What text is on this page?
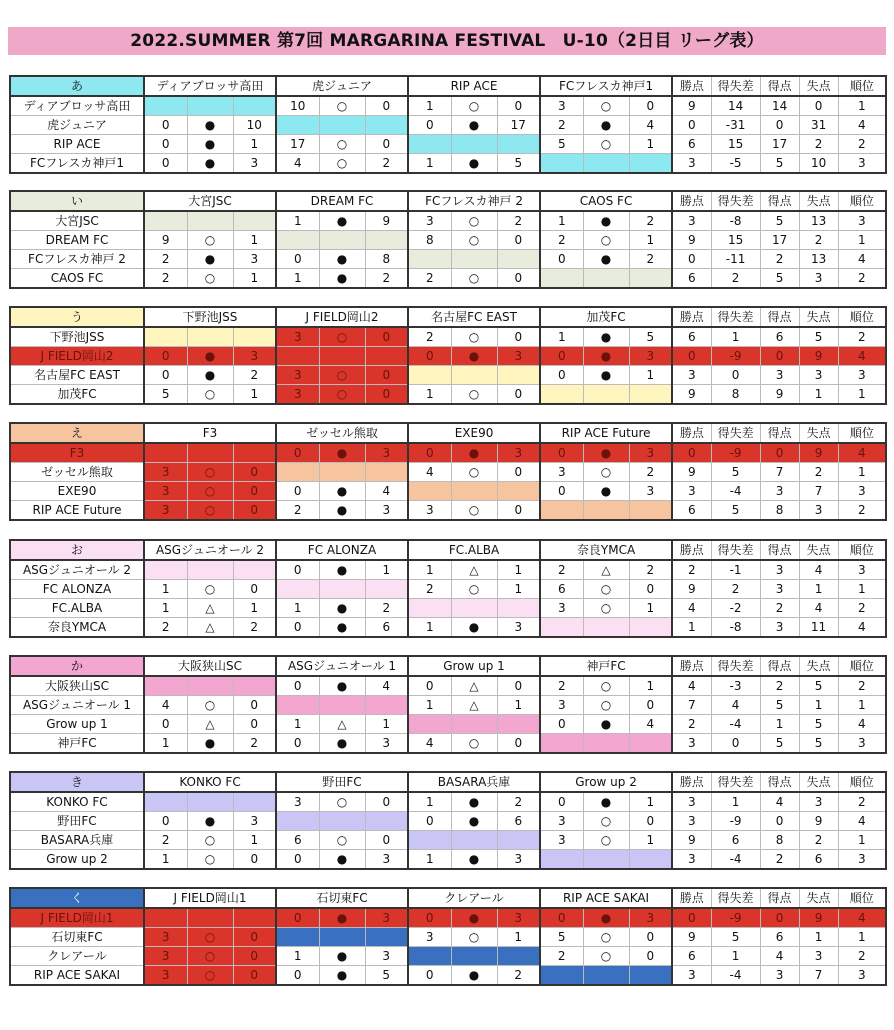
2022.SUMMER 第7回 MARGARINA FESTIVAL　U-10（2日目 リーグ表）
あ	ディアブロッサ高田			虎ジュニア			RIP ACE			FCフレスカ神戸1			勝点	得失差	得点	失点	順位
ディアブロッサ高田				10	○	0	1	○	0	3	○	0	9	14	14	0	1
虎ジュニア	0	●	10				0	●	17	2	●	4	0	-31	0	31	4
RIP ACE	0	●	1	17	○	0				5	○	1	6	15	17	2	2
FCフレスカ神戸1	0	●	3	4	○	2	1	●	5				3	-5	5	10	3
い	大宮JSC			DREAM FC			FCフレスカ神戸 2			CAOS FC			勝点	得失差	得点	失点	順位
大宮JSC				1	●	9	3	○	2	1	●	2	3	-8	5	13	3
DREAM FC	9	○	1				8	○	0	2	○	1	9	15	17	2	1
FCフレスカ神戸 2	2	●	3	0	●	8				0	●	2	0	-11	2	13	4
CAOS FC	2	○	1	1	●	2	2	○	0				6	2	5	3	2
う	下野池JSS			J FIELD岡山2			名古屋FC EAST			加茂FC			勝点	得失差	得点	失点	順位
下野池JSS				3	○	0	2	○	0	1	●	5	6	1	6	5	2
J FIELD岡山2	0	●	3				0	●	3	0	●	3	0	-9	0	9	4
名古屋FC EAST	0	●	2	3	○	0				0	●	1	3	0	3	3	3
加茂FC	5	○	1	3	○	0	1	○	0				9	8	9	1	1
え	F3			ゼッセル熊取			EXE90			RIP ACE Future			勝点	得失差	得点	失点	順位
F3				0	●	3	0	●	3	0	●	3	0	-9	0	9	4
ゼッセル熊取	3	○	0				4	○	0	3	○	2	9	5	7	2	1
EXE90	3	○	0	0	●	4				0	●	3	3	-4	3	7	3
RIP ACE Future	3	○	0	2	●	3	3	○	0				6	5	8	3	2
お	ASGジュニオール 2			FC ALONZA			FC.ALBA			奈良YMCA			勝点	得失差	得点	失点	順位
ASGジュニオール 2				0	●	1	1	△	1	2	△	2	2	-1	3	4	3
FC ALONZA	1	○	0				2	○	1	6	○	0	9	2	3	1	1
FC.ALBA	1	△	1	1	●	2				3	○	1	4	-2	2	4	2
奈良YMCA	2	△	2	0	●	6	1	●	3				1	-8	3	11	4
か	大阪狭山SC			ASGジュニオール 1			Grow up 1			神戸FC			勝点	得失差	得点	失点	順位
大阪狭山SC				0	●	4	0	△	0	2	○	1	4	-3	2	5	2
ASGジュニオール 1	4	○	0				1	△	1	3	○	0	7	4	5	1	1
Grow up 1	0	△	0	1	△	1				0	●	4	2	-4	1	5	4
神戸FC	1	●	2	0	●	3	4	○	0				3	0	5	5	3
き	KONKO FC			野田FC			BASARA兵庫			Grow up 2			勝点	得失差	得点	失点	順位
KONKO FC				3	○	0	1	●	2	0	●	1	3	1	4	3	2
野田FC	0	●	3				0	●	6	3	○	0	3	-9	0	9	4
BASARA兵庫	2	○	1	6	○	0				3	○	1	9	6	8	2	1
Grow up 2	1	○	0	0	●	3	1	●	3				3	-4	2	6	3
く	J FIELD岡山1			石切東FC			クレアール			RIP ACE SAKAI			勝点	得失差	得点	失点	順位
J FIELD岡山1				0	●	3	0	●	3	0	●	3	0	-9	0	9	4
石切東FC	3	○	0				3	○	1	5	○	0	9	5	6	1	1
クレアール	3	○	0	1	●	3				2	○	0	6	1	4	3	2
RIP ACE SAKAI	3	○	0	0	●	5	0	●	2				3	-4	3	7	3
